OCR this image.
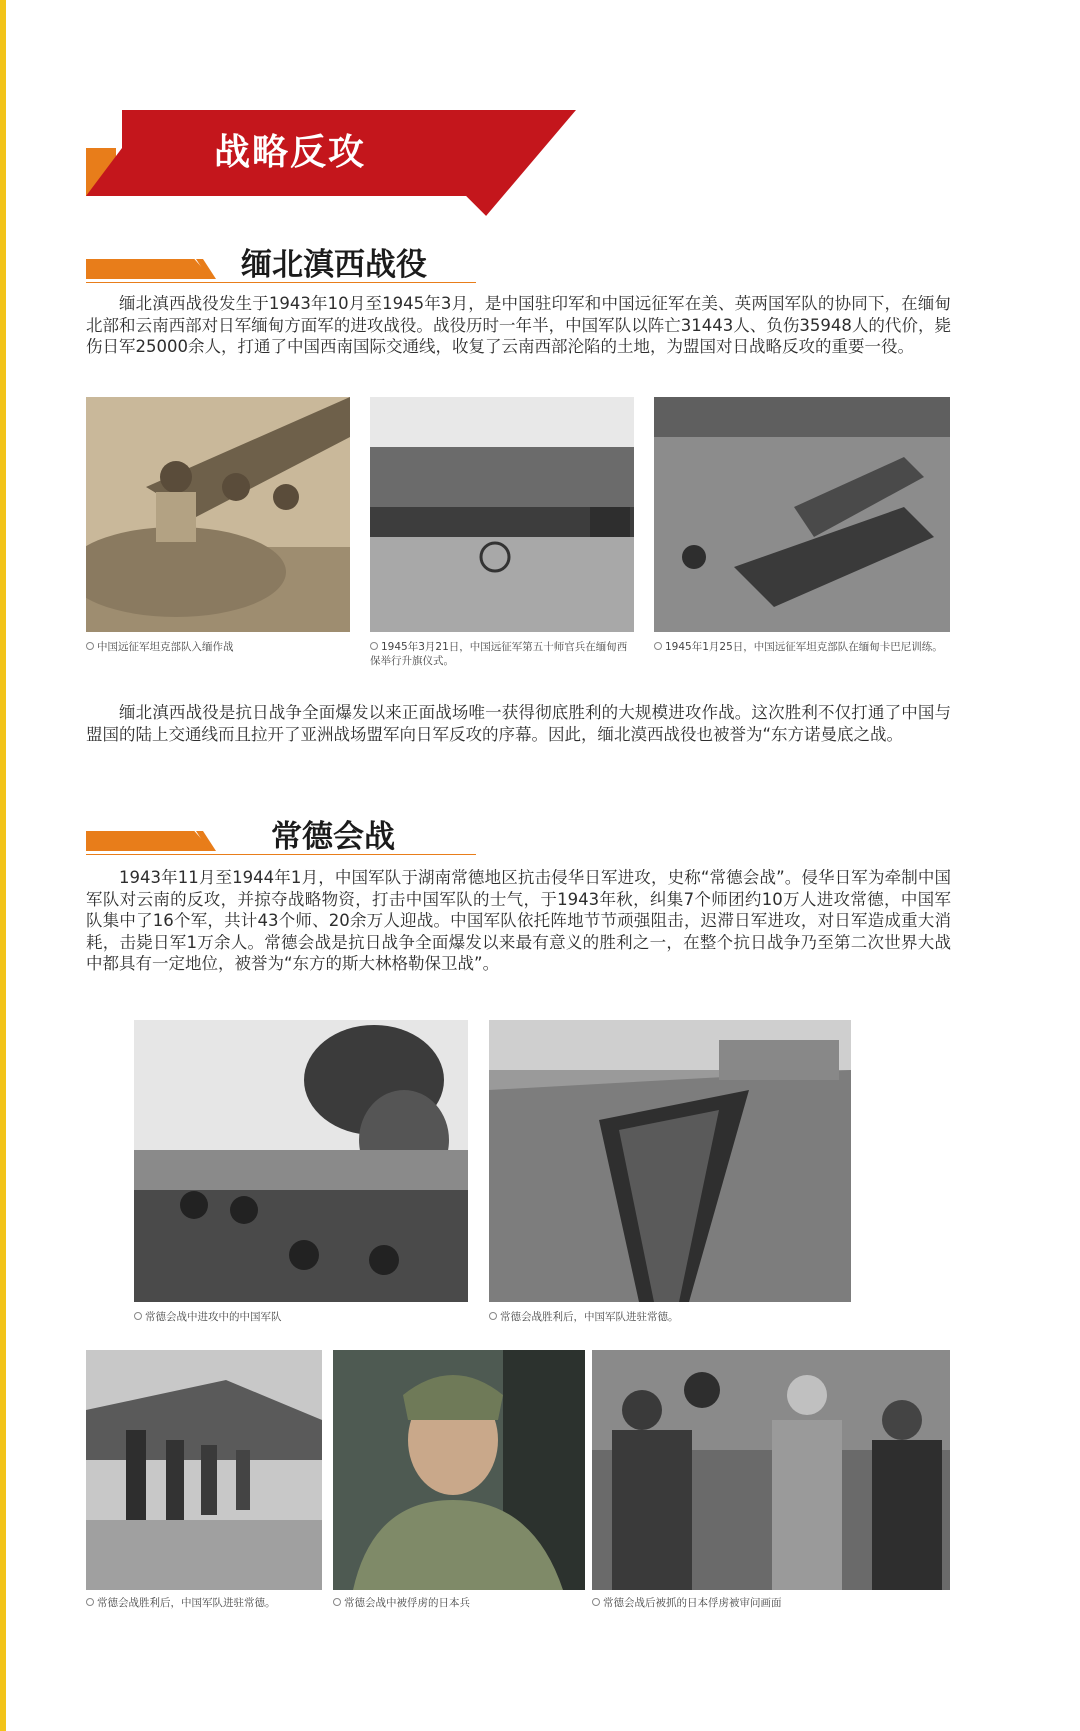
战略反攻
缅北滇西战役

缅北滇西战役发生于1943年10月至1945年3月，是中国驻印军和中国远征军在美、英两国军队的协同下，在缅甸北部和云南西部对日军缅甸方面军的进攻战役。战役历时一年半，中国军队以阵亡31443人、负伤35948人的代价，毙伤日军25000余人，打通了中国西南国际交通线，收复了云南西部沦陷的土地，为盟国对日战略反攻的重要一役。

中国远征军坦克部队入缅作战	1945年3月21日，中国远征军第五十师官兵在缅甸西保举行升旗仪式。
1945年1月25日，中国远征军坦克部队在缅甸卡巴尼训练。

缅北滇西战役是抗日战争全面爆发以来正面战场唯一获得彻底胜利的大规模进攻作战。这次胜利不仅打通了中国与盟国的陆上交通线而且拉开了亚洲战场盟军向日军反攻的序幕。因此，缅北漠西战役也被誉为“东方诺曼底之战。

常德会战

1943年11月至1944年1月，中国军队于湖南常德地区抗击侵华日军进攻，史称“常德会战”。侵华日军为牵制中国军队对云南的反攻，并掠夺战略物资，打击中国军队的士气，于1943年秋，纠集7个师团约10万人进攻常德，中国军队集中了16个军，共计43个师、20余万人迎战。中国军队依托阵地节节顽强阻击，迟滞日军进攻，对日军造成重大消耗，击毙日军1万余人。常德会战是抗日战争全面爆发以来最有意义的胜利之一，在整个抗日战争乃至第二次世界大战中都具有一定地位，被誉为“东方的斯大林格勒保卫战”。

常德会战中进攻中的中国军队	常德会战胜利后，中国军队进驻常德。
常德会战胜利后，中国军队进驻常德。	常德会战中被俘虏的日本兵	常德会战后被抓的日本俘虏被审问画面
